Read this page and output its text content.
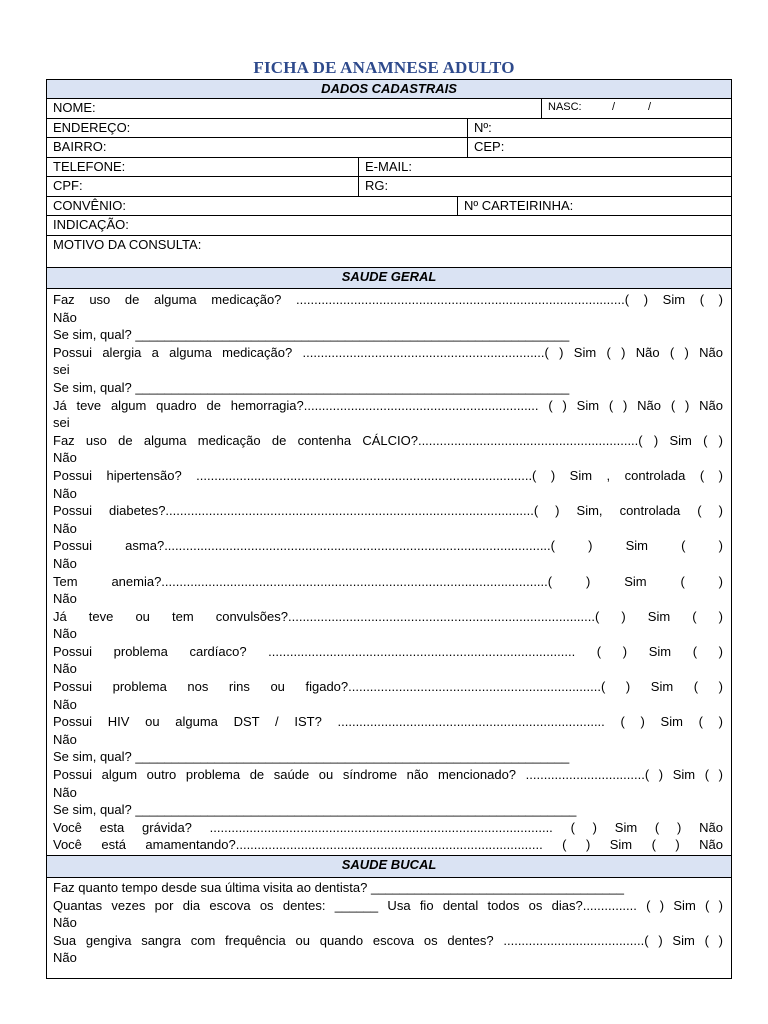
FICHA DE ANAMNESE ADULTO
DADOS CADASTRAIS
NOME:	NASC:	/	/
ENDEREÇO:	Nº:
BAIRRO:	CEP:
TELEFONE:	E-MAIL:
CPF:	RG:
CONVÊNIO:	Nº CARTEIRINHA:
INDICAÇÃO:
MOTIVO DA CONSULTA:
SAUDE GERAL
Faz uso de alguma medicação? ...........................................................................................( ) Sim ( )
Não
Se sim, qual? ____________________________________________________________
Possui alergia a alguma medicação? ...................................................................( ) Sim ( ) Não ( ) Não
sei
Se sim, qual? ____________________________________________________________
Já teve algum quadro de hemorragia?................................................................. ( ) Sim ( ) Não ( ) Não
sei
Faz uso de alguma medicação de contenha CÁLCIO?.............................................................( ) Sim ( )
Não
Possui hipertensão? .............................................................................................( ) Sim , controlada ( )
Não
Possui diabetes?......................................................................................................( ) Sim, controlada ( )
Não
Possui asma?...........................................................................................................( ) Sim ( )
Não
Tem anemia?...........................................................................................................( ) Sim ( )
Não
Já teve ou tem convulsões?.....................................................................................( ) Sim ( )
Não
Possui problema cardíaco? ..................................................................................... ( ) Sim ( )
Não
Possui problema nos rins ou figado?......................................................................( ) Sim ( )
Não
Possui HIV ou alguma DST / IST? .......................................................................... ( ) Sim ( )
Não
Se sim, qual? ____________________________________________________________
Possui algum outro problema de saúde ou síndrome não mencionado? .................................( ) Sim ( )
Não
Se sim, qual? _____________________________________________________________
Você esta grávida? ............................................................................................... ( ) Sim ( ) Não
Você está amamentando?..................................................................................... ( ) Sim ( ) Não
SAUDE BUCAL
Faz quanto tempo desde sua última visita ao dentista? ___________________________________
Quantas vezes por dia escova os dentes: ______ Usa fio dental todos os dias?............... ( ) Sim ( )
Não
Sua gengiva sangra com frequência ou quando escova os dentes? .......................................( ) Sim ( )
Não
